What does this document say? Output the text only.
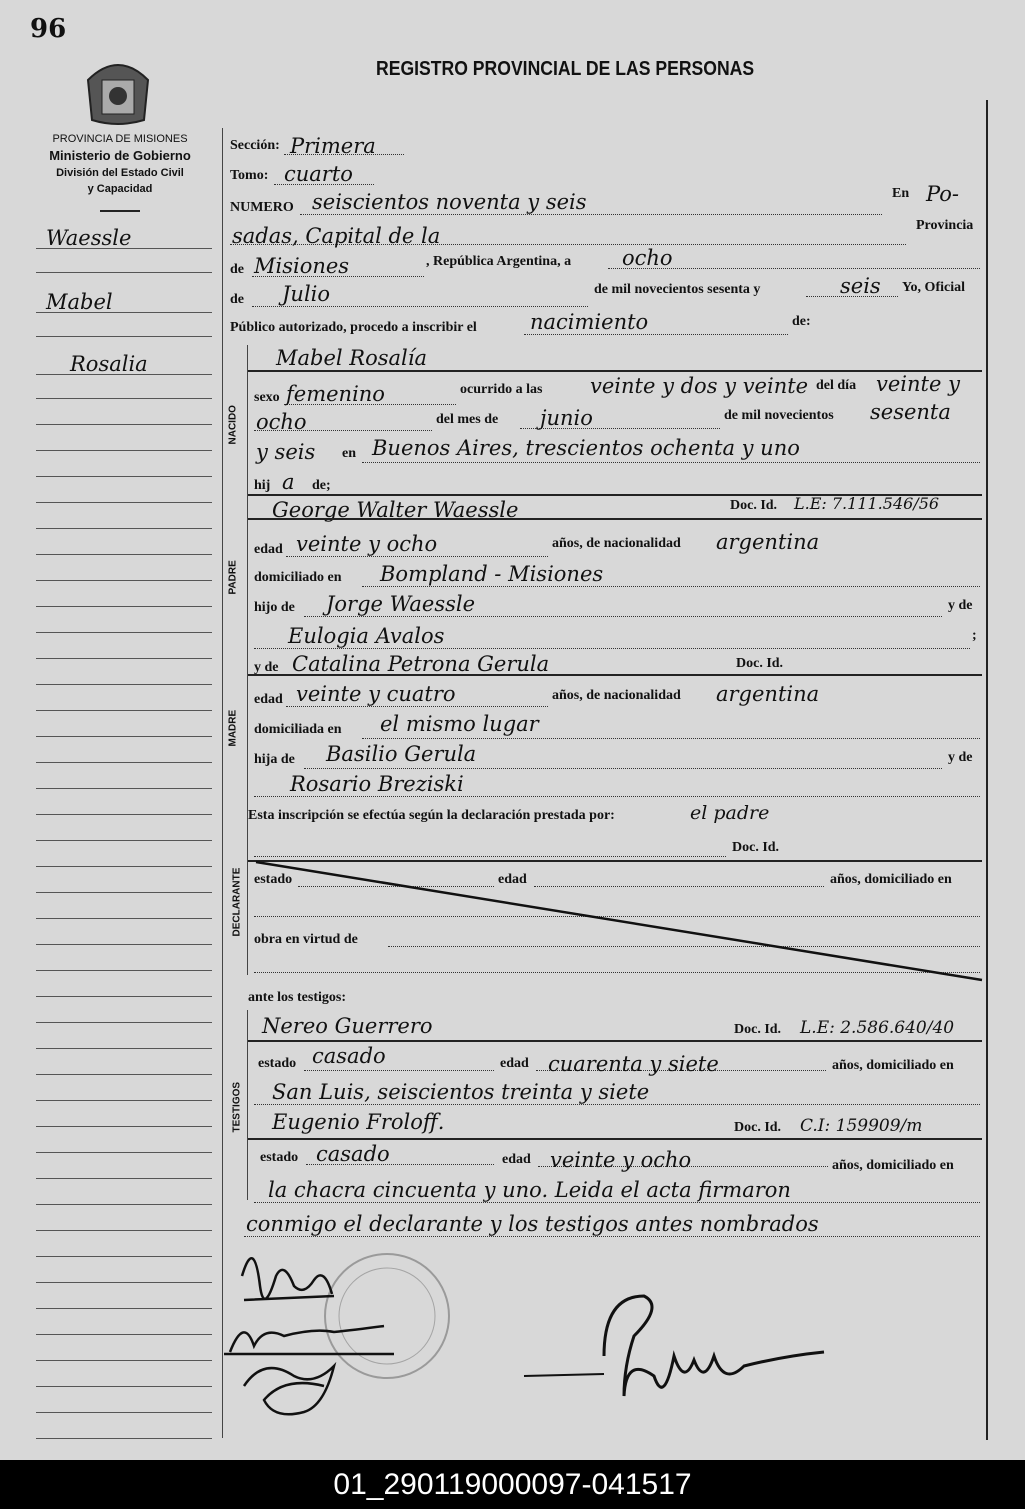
96
REGISTRO PROVINCIAL DE LAS PERSONAS
PROVINCIA DE MISIONES
Ministerio de Gobierno
División del Estado Civil
y Capacidad
Waessle
Mabel
Rosalia
Sección: Primera
Tomo: cuarto
NUMERO seiscientos noventa y seis	En Po-
sadas, Capital de la	Provincia
de Misiones	, República Argentina, a ocho
de Julio	de mil novecientos sesenta y	seis Yo, Oficial
Público autorizado, procedo a inscribir el	nacimiento	de:
Mabel Rosalía
NACIDO
sexo femenino	ocurrido a las veinte y dos y veinte del día veinte y
ocho	del mes de junio	de mil novecientos sesenta
y seis en Buenos Aires, trescientos ochenta y uno
hij a de;
George Walter Waessle	Doc. Id. L.E: 7.111.546/56
PADRE
edad veinte y ocho	años, de nacionalidad argentina
domiciliado en Bompland - Misiones
hijo de Jorge Waessle	y de
Eulogia Avalos	;
y de Catalina Petrona Gerula	Doc. Id.
MADRE
edad veinte y cuatro	años, de nacionalidad argentina
domiciliada en el mismo lugar
hija de Basilio Gerula	y de
Rosario Breziski
Esta inscripción se efectúa según la declaración prestada por:	el padre
Doc. Id.
DECLARANTE estado	edad	años, domiciliado en
obra en virtud de
ante los testigos:
TESTIGOS
Nereo Guerrero	Doc. Id. L.E: 2.586.640/40
estado casado	edad cuarenta y siete	años, domiciliado en
San Luis, seiscientos treinta y siete
Eugenio Froloff.	Doc. Id. C.I: 159909/m
estado casado	edad veinte y ocho	años, domiciliado en
la chacra cincuenta y uno. Leida el acta firmaron
conmigo el declarante y los testigos antes nombrados
01_290119000097-041517
